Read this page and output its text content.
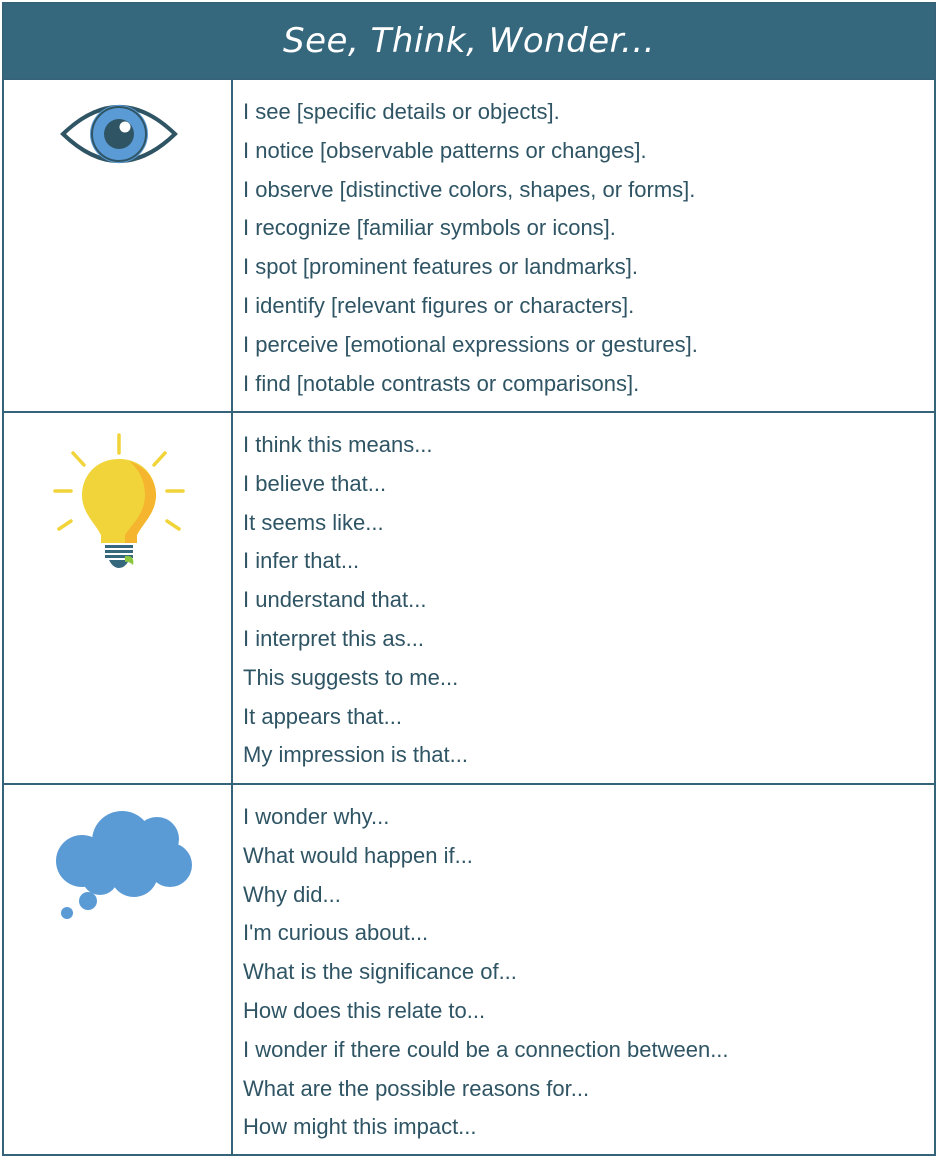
See, Think, Wonder...
I see [specific details or objects].
I notice [observable patterns or changes].
I observe [distinctive colors, shapes, or forms].
I recognize [familiar symbols or icons].
I spot [prominent features or landmarks].
I identify [relevant figures or characters].
I perceive [emotional expressions or gestures].
I find [notable contrasts or comparisons].
I think this means...
I believe that...
It seems like...
I infer that...
I understand that...
I interpret this as...
This suggests to me...
It appears that...
My impression is that...
I wonder why...
What would happen if...
Why did...
I'm curious about...
What is the significance of...
How does this relate to...
I wonder if there could be a connection between...
What are the possible reasons for...
How might this impact...
